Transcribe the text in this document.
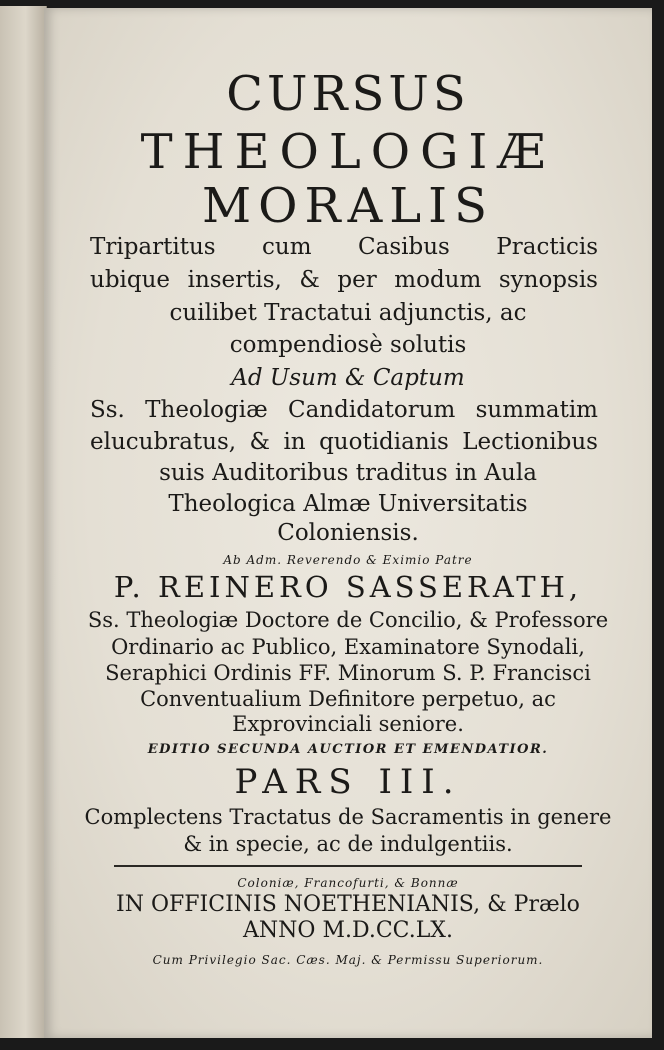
CURSUS

THEOLOGIÆ

MORALIS

Tripartitus cum Casibus Practicis

ubique insertis, & per modum synopsis

cuilibet Tractatui adjunctis, ac

compendiosè solutis

Ad Usum & Captum

Ss. Theologiæ Candidatorum summatim

elucubratus, & in quotidianis Lectionibus

suis Auditoribus traditus in Aula

Theologica Almæ Universitatis

Coloniensis.

Ab Adm. Reverendo & Eximio Patre

P. REINERO SASSERATH,

Ss. Theologiæ Doctore de Concilio, & Professore

Ordinario ac Publico, Examinatore Synodali,

Seraphici Ordinis FF. Minorum S. P. Francisci

Conventualium Definitore perpetuo, ac

Exprovinciali seniore.

EDITIO SECUNDA AUCTIOR ET EMENDATIOR.

PARS III.

Complectens Tractatus de Sacramentis in genere

& in specie, ac de indulgentiis.

Coloniæ, Francofurti, & Bonnæ

IN OFFICINIS NOETHENIANIS, & Prælo

ANNO M.D.CC.LX.

Cum Privilegio Sac. Cæs. Maj. & Permissu Superiorum.
